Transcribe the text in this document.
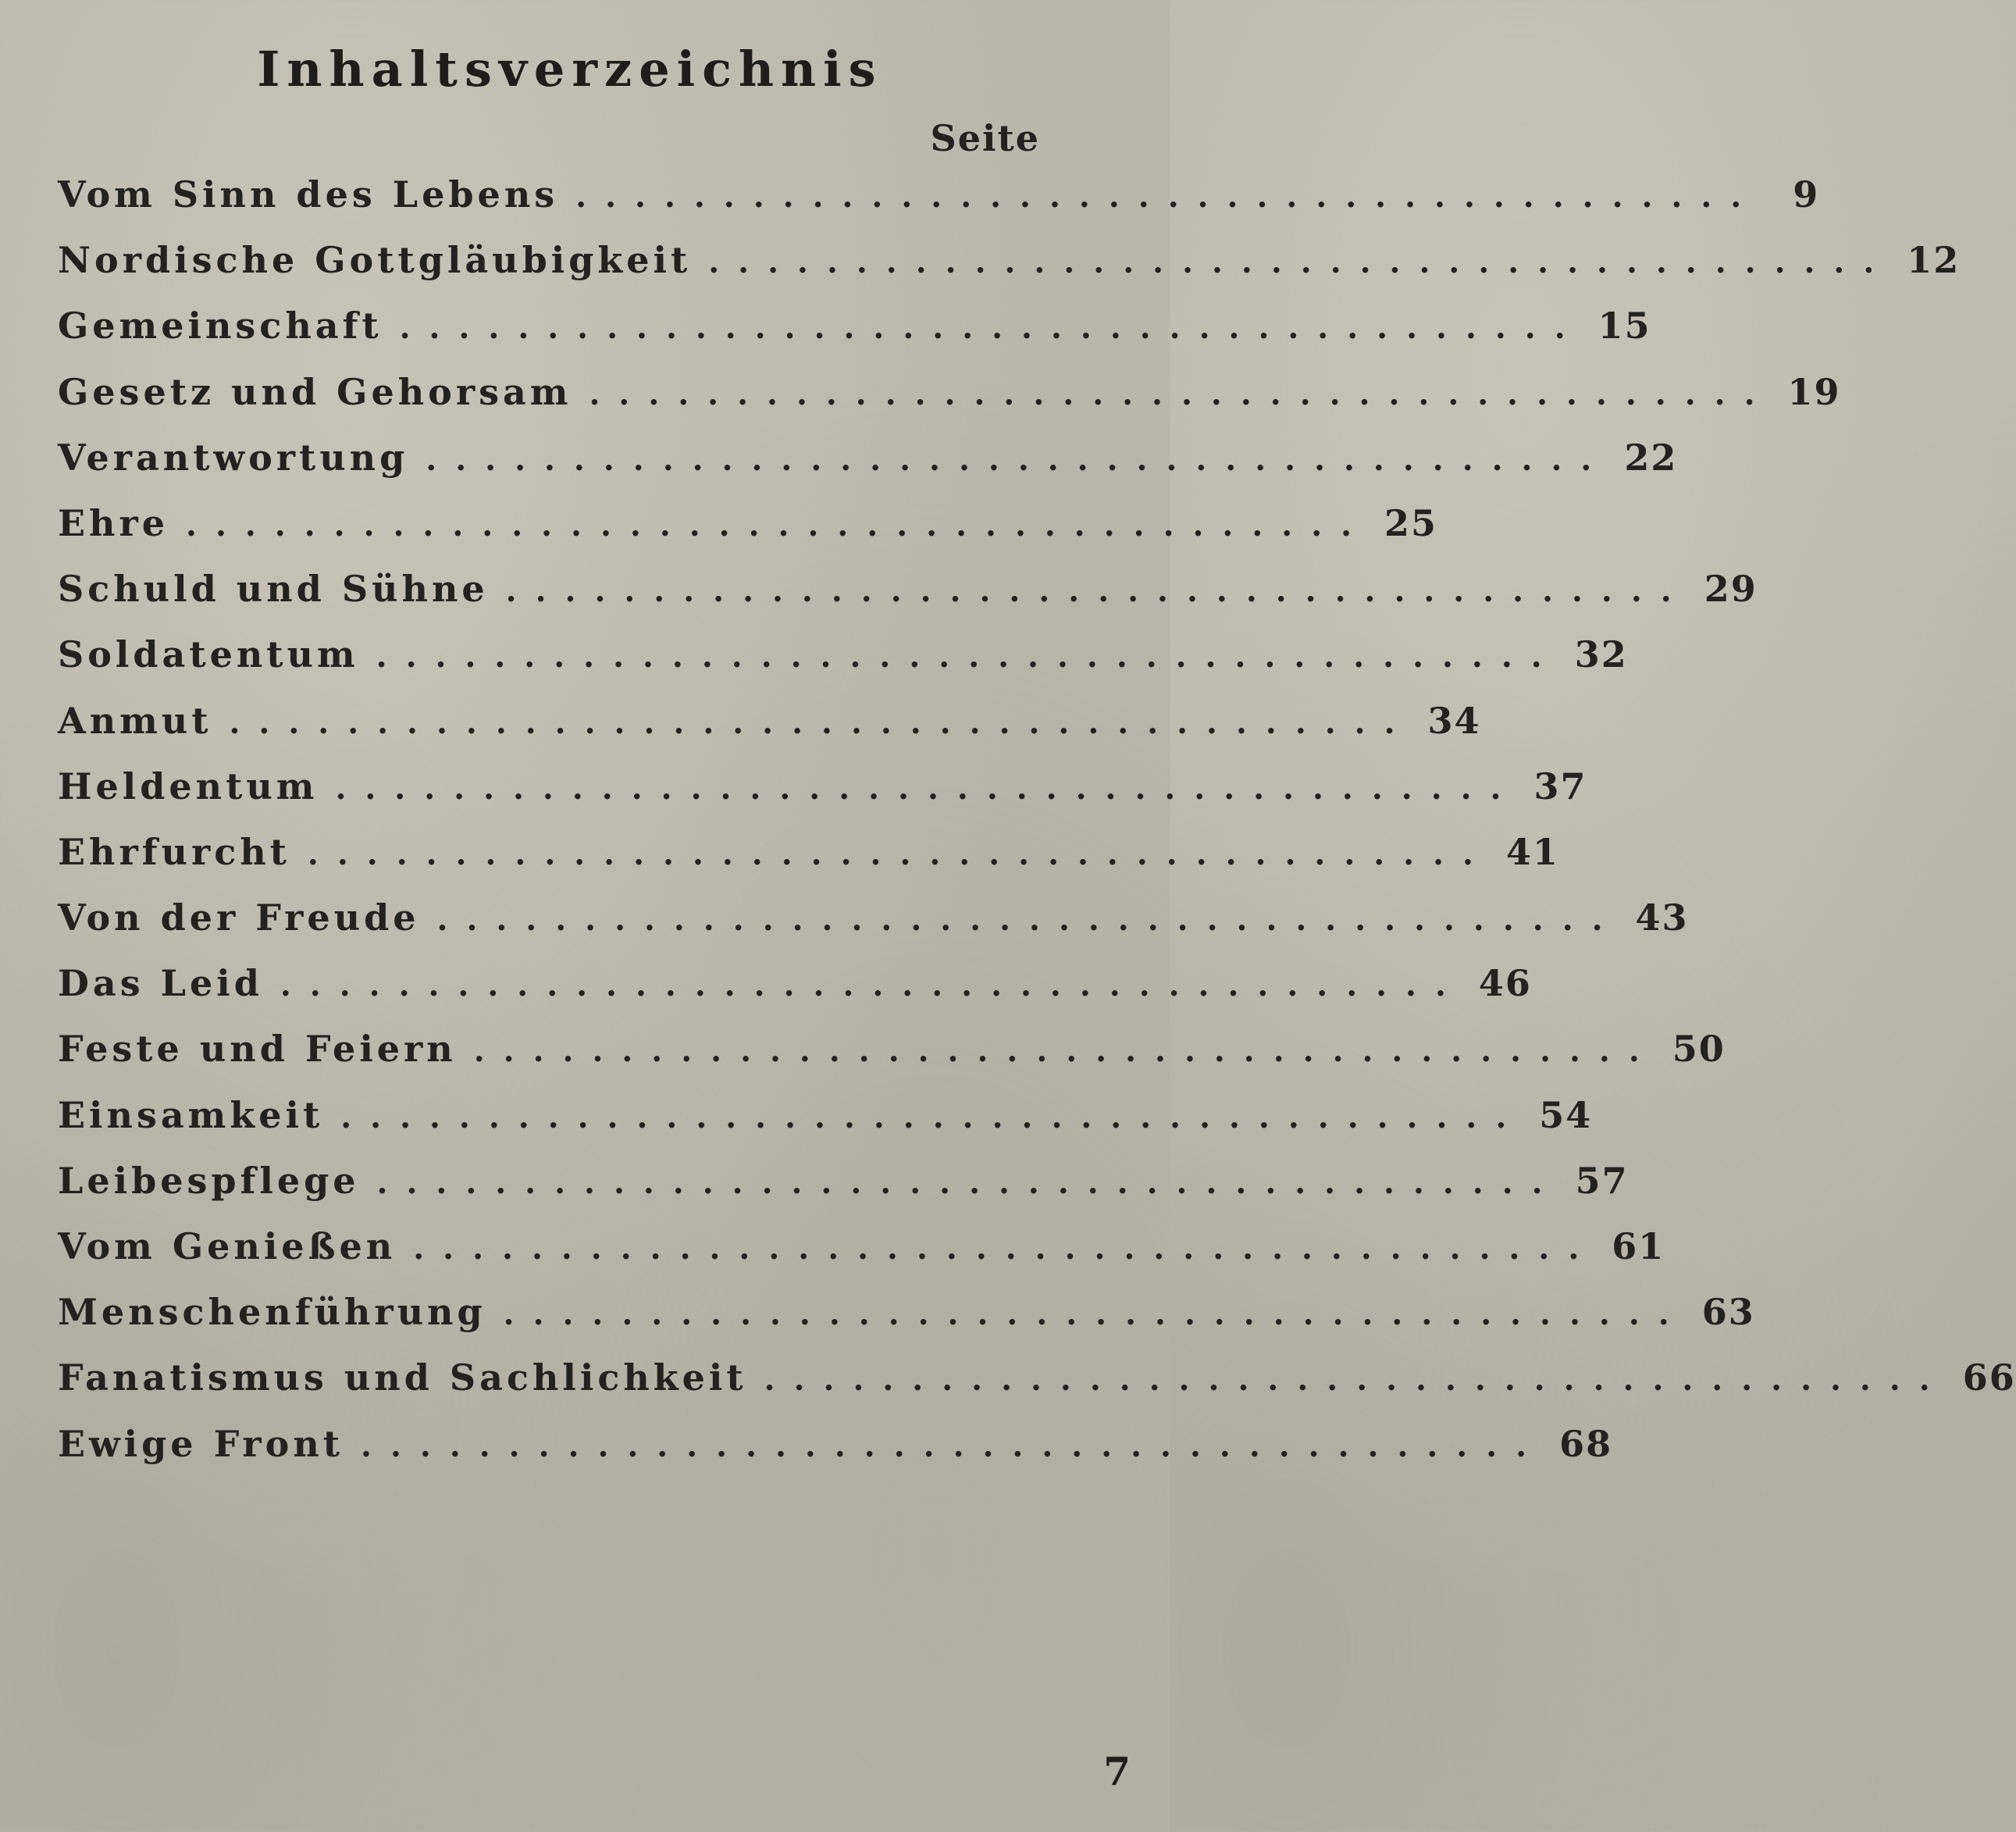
Inhaltsverzeichnis
Seite
Vom Sinn des Lebens ........................................ 9
Nordische Gottgläubigkeit ........................................ 12
Gemeinschaft ........................................ 15
Gesetz und Gehorsam ........................................ 19
Verantwortung ........................................ 22
Ehre ........................................ 25
Schuld und Sühne ........................................ 29
Soldatentum ........................................ 32
Anmut ........................................ 34
Heldentum ........................................ 37
Ehrfurcht ........................................ 41
Von der Freude ........................................ 43
Das Leid ........................................ 46
Feste und Feiern ........................................ 50
Einsamkeit ........................................ 54
Leibespflege ........................................ 57
Vom Genießen ........................................ 61
Menschenführung ........................................ 63
Fanatismus und Sachlichkeit ........................................ 66
Ewige Front ........................................ 68
7
